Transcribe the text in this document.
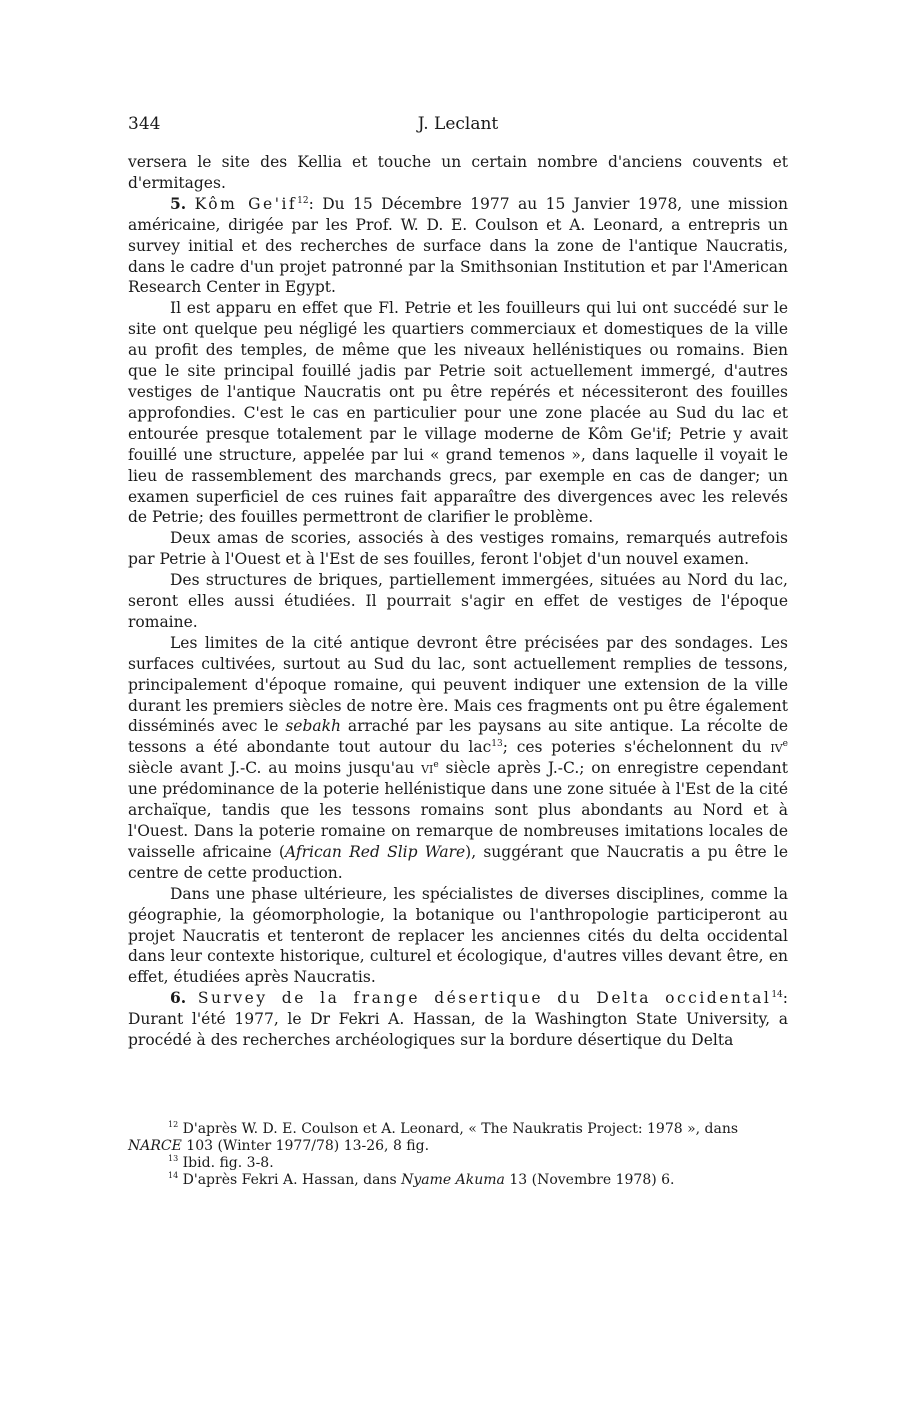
344	J. Leclant

versera le site des Kellia et touche un certain nombre d'anciens couvents et d'ermitages.

5. Kôm $Ge'if^{12}$: Du 15 Décembre 1977 au 15 Janvier 1978, une mission américaine, dirigée par les Prof. W. D. E. Coulson et A. Leonard, a entrepris un survey initial et des recherches de surface dans la zone de l'antique Naucratis, dans le cadre d'un projet patronné par la Smithsonian Institution et par l'American Research Center in Egypt.

Il est apparu en effet que Fl. Petrie et les fouilleurs qui lui ont succédé sur le site ont quelque peu négligé les quartiers commerciaux et domestiques de la ville au profit des temples, de même que les niveaux hellénistiques ou romains. Bien que le site principal fouillé jadis par Petrie soit actuellement immergé, d'autres vestiges de l'antique Naucratis ont pu être repérés et nécessiteront des fouilles approfondies. C'est le cas en particulier pour une zone placée au Sud du lac et entourée presque totalement par le village moderne de Kôm Ge'if; Petrie y avait fouillé une structure, appelée par lui « grand temenos », dans laquelle il voyait le lieu de rassemblement des marchands grecs, par exemple en cas de danger; un examen superficiel de ces ruines fait apparaître des divergences avec les relevés de Petrie; des fouilles permettront de clarifier le problème.

Deux amas de scories, associés à des vestiges romains, remarqués autrefois par Petrie à l'Ouest et à l'Est de ses fouilles, feront l'objet d'un nouvel examen.

Des structures de briques, partiellement immergées, situées au Nord du lac, seront elles aussi étudiées. Il pourrait s'agir en effet de vestiges de l'époque romaine.

Les limites de la cité antique devront être précisées par des sondages. Les surfaces cultivées, surtout au Sud du lac, sont actuellement remplies de tessons, principalement d'époque romaine, qui peuvent indiquer une extension de la ville durant les premiers siècles de notre ère. Mais ces fragments ont pu être également disséminés avec le sebakh arraché par les paysans au site antique. La récolte de tessons a été abondante tout autour du lac$^{13}$; ces poteries s'échelonnent du $iv^e$ siècle avant J.-C. au moins jusqu'au $vi^e$ siècle après J.-C.; on enregistre cependant une prédominance de la poterie hellénistique dans une zone située à l'Est de la cité archaïque, tandis que les tessons romains sont plus abondants au Nord et à l'Ouest. Dans la poterie romaine on remarque de nombreuses imitations locales de vaisselle africaine (African Red Slip Ware), suggérant que Naucratis a pu être le centre de cette production.

Dans une phase ultérieure, les spécialistes de diverses disciplines, comme la géographie, la géomorphologie, la botanique ou l'anthropologie participeront au projet Naucratis et tenteront de replacer les anciennes cités du delta occidental dans leur contexte historique, culturel et écologique, d'autres villes devant être, en effet, étudiées après Naucratis.

6. Survey de la frange désertique du Delta occidental$^{14}$: Durant l'été 1977, le Dr Fekri A. Hassan, de la Washington State University, a procédé à des recherches archéologiques sur la bordure désertique du Delta

$^{12}$ D'après W. D. E. Coulson et A. Leonard, « The Naukratis Project: 1978 », dans NARCE 103 (Winter 1977/78) 13-26, 8 fig.

$^{13}$ Ibid. fig. 3-8.

$^{14}$ D'après Fekri A. Hassan, dans Nyame Akuma 13 (Novembre 1978) 6.
